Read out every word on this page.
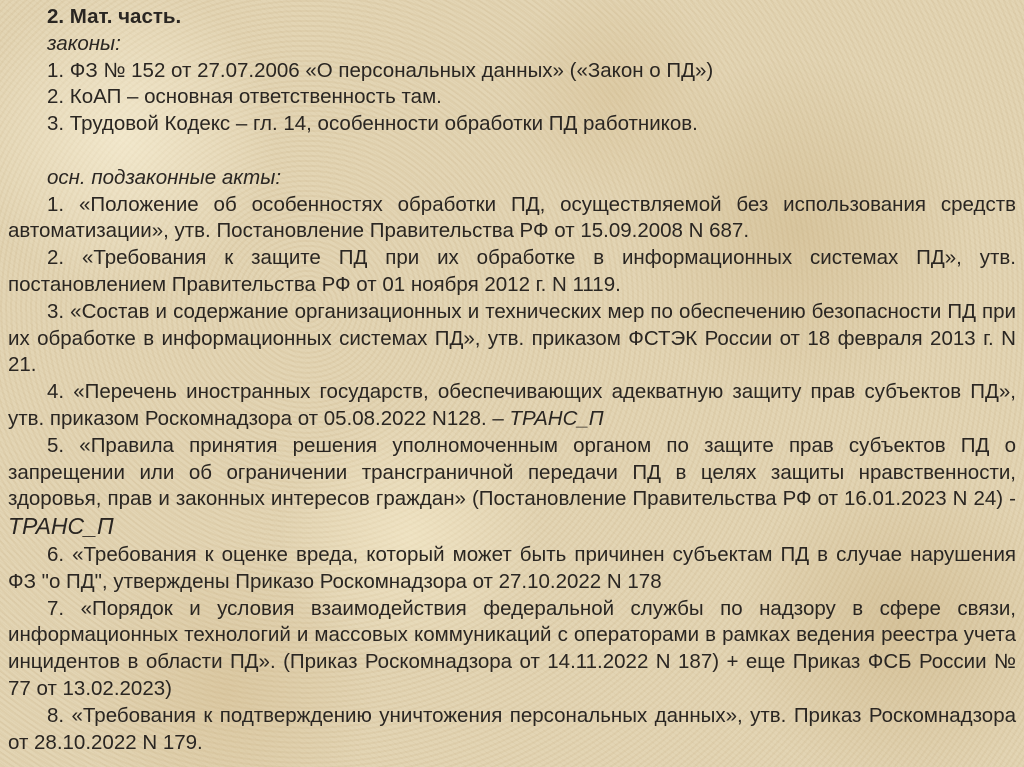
2. Мат. часть.

законы:

1. ФЗ № 152 от 27.07.2006 «О персональных данных» («Закон о ПД»)

2. КоАП – основная ответственность там.

3. Трудовой Кодекс – гл. 14, особенности обработки ПД работников.

осн. подзаконные акты:

1. «Положение об особенностях обработки ПД, осуществляемой без использования средств автоматизации», утв. Постановление Правительства РФ от 15.09.2008 N 687.

2. «Требования к защите ПД при их обработке в информационных системах ПД», утв. постановлением Правительства РФ от 01 ноября 2012 г. N 1119.

3. «Состав и содержание организационных и технических мер по обеспечению безопасности ПД при их обработке в информационных системах ПД», утв. приказом ФСТЭК России от 18 февраля 2013 г. N 21.

4. «Перечень иностранных государств, обеспечивающих адекватную защиту прав субъектов ПД», утв. приказом Роскомнадзора от 05.08.2022 N128. – ТРАНС_П

5. «Правила принятия решения уполномоченным органом по защите прав субъектов ПД о запрещении или об ограничении трансграничной передачи ПД в целях защиты нравственности, здоровья, прав и законных интересов граждан» (Постановление Правительства РФ от 16.01.2023 N 24) - ТРАНС_П

6. «Требования к оценке вреда, который может быть причинен субъектам ПД в случае нарушения ФЗ "о ПД", утверждены Приказо Роскомнадзора от 27.10.2022 N 178

7. «Порядок и условия взаимодействия федеральной службы по надзору в сфере связи, информационных технологий и массовых коммуникаций с операторами в рамках ведения реестра учета инцидентов в области ПД». (Приказ Роскомнадзора от 14.11.2022 N 187) + еще Приказ ФСБ России № 77 от 13.02.2023)

8. «Требования к подтверждению уничтожения персональных данных», утв. Приказ Роскомнадзора от 28.10.2022 N 179.
